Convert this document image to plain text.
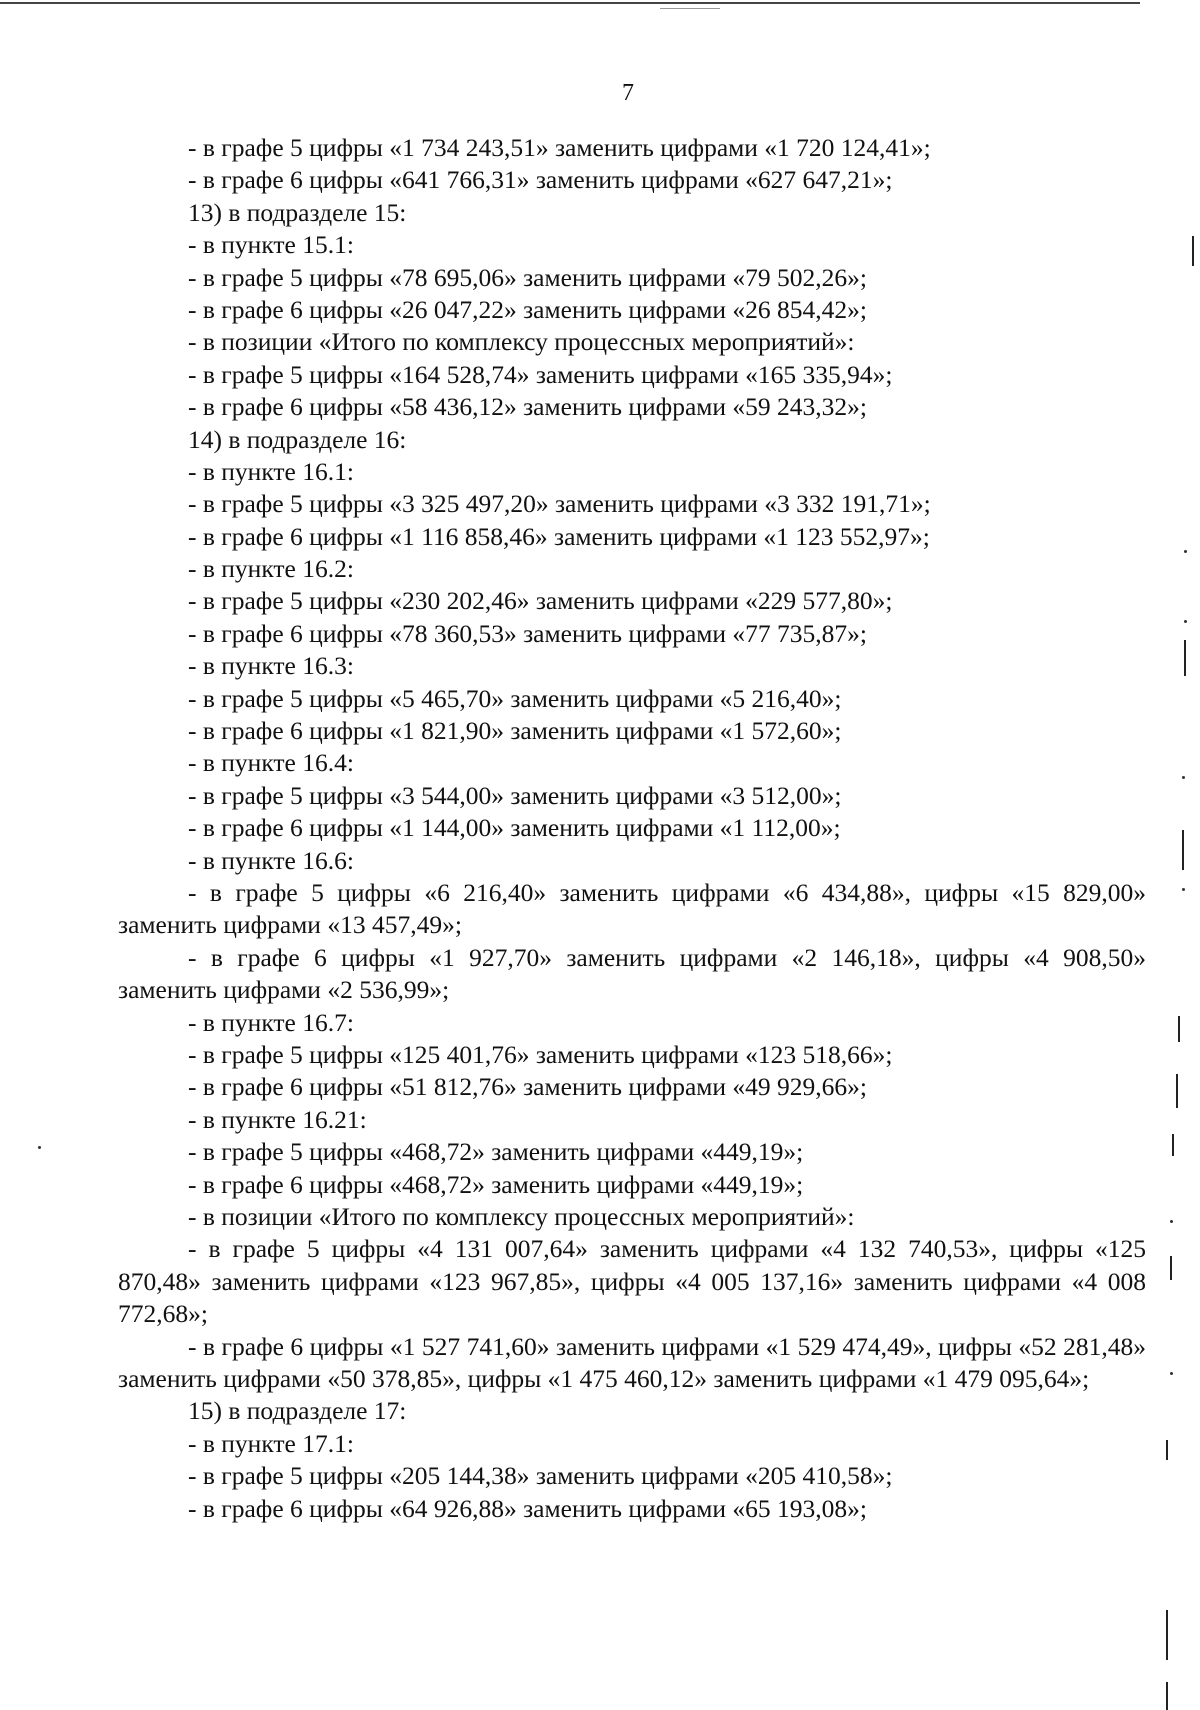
7
- в графе 5 цифры «1 734 243,51» заменить цифрами «1 720 124,41»;
- в графе 6 цифры «641 766,31» заменить цифрами «627 647,21»;
13) в подразделе 15:
- в пункте 15.1:
- в графе 5 цифры «78 695,06» заменить цифрами «79 502,26»;
- в графе 6 цифры «26 047,22» заменить цифрами «26 854,42»;
- в позиции «Итого по комплексу процессных мероприятий»:
- в графе 5 цифры «164 528,74» заменить цифрами «165 335,94»;
- в графе 6 цифры «58 436,12» заменить цифрами «59 243,32»;
14) в подразделе 16:
- в пункте 16.1:
- в графе 5 цифры «3 325 497,20» заменить цифрами «3 332 191,71»;
- в графе 6 цифры «1 116 858,46» заменить цифрами «1 123 552,97»;
- в пункте 16.2:
- в графе 5 цифры «230 202,46» заменить цифрами «229 577,80»;
- в графе 6 цифры «78 360,53» заменить цифрами «77 735,87»;
- в пункте 16.3:
- в графе 5 цифры «5 465,70» заменить цифрами «5 216,40»;
- в графе 6 цифры «1 821,90» заменить цифрами «1 572,60»;
- в пункте 16.4:
- в графе 5 цифры «3 544,00» заменить цифрами «3 512,00»;
- в графе 6 цифры «1 144,00» заменить цифрами «1 112,00»;
- в пункте 16.6:
- в графе 5 цифры «6 216,40» заменить цифрами «6 434,88», цифры «15 829,00» заменить цифрами «13 457,49»;
- в графе 6 цифры «1 927,70» заменить цифрами «2 146,18», цифры «4 908,50» заменить цифрами «2 536,99»;
- в пункте 16.7:
- в графе 5 цифры «125 401,76» заменить цифрами «123 518,66»;
- в графе 6 цифры «51 812,76» заменить цифрами «49 929,66»;
- в пункте 16.21:
- в графе 5 цифры «468,72» заменить цифрами «449,19»;
- в графе 6 цифры «468,72» заменить цифрами «449,19»;
- в позиции «Итого по комплексу процессных мероприятий»:
- в графе 5 цифры «4 131 007,64» заменить цифрами «4 132 740,53», цифры «125 870,48» заменить цифрами «123 967,85», цифры «4 005 137,16» заменить цифрами «4 008 772,68»;
- в графе 6 цифры «1 527 741,60» заменить цифрами «1 529 474,49», цифры «52 281,48» заменить цифрами «50 378,85», цифры «1 475 460,12» заменить цифрами «1 479 095,64»;
15) в подразделе 17:
- в пункте 17.1:
- в графе 5 цифры «205 144,38» заменить цифрами «205 410,58»;
- в графе 6 цифры «64 926,88» заменить цифрами «65 193,08»;
